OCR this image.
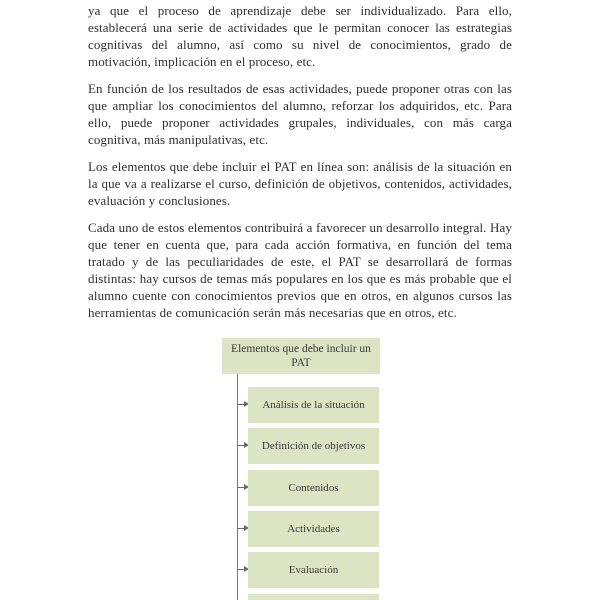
ya que el proceso de aprendizaje debe ser individualizado. Para ello, establecerá una serie de actividades que le permitan conocer las estrategias cognitivas del alumno, así como su nivel de conocimientos, grado de motivación, implicación en el proceso, etc.

En función de los resultados de esas actividades, puede proponer otras con las que ampliar los conocimientos del alumno, reforzar los adquiridos, etc. Para ello, puede proponer actividades grupales, individuales, con más carga cognitiva, más manipulativas, etc.

Los elementos que debe incluir el PAT en línea son: análisis de la situación en la que va a realizarse el curso, definición de objetivos, contenidos, actividades, evaluación y conclusiones.

Cada uno de estos elementos contribuirá a favorecer un desarrollo integral. Hay que tener en cuenta que, para cada acción formativa, en función del tema tratado y de las peculiaridades de este, el PAT se desarrollará de formas distintas: hay cursos de temas más populares en los que es más probable que el alumno cuente con conocimientos previos que en otros, en algunos cursos las herramientas de comunicación serán más necesarias que en otros, etc.

Elementos que debe incluir un PAT
Análisis de la situación
Definición de objetivos
Contenidos
Actividades
Evaluación
